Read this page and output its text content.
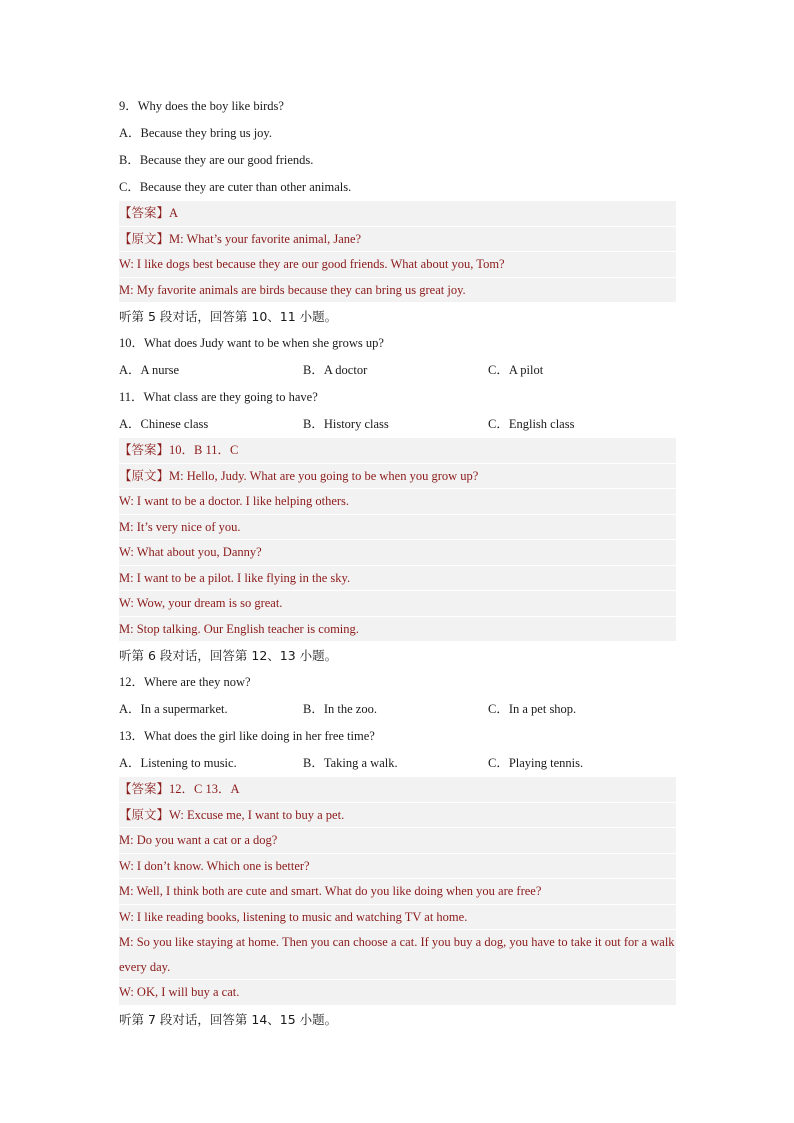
9．Why does the boy like birds?
A．Because they bring us joy.
B．Because they are our good friends.
C．Because they are cuter than other animals.
【答案】A
【原文】M: What’s your favorite animal, Jane?
W: I like dogs best because they are our good friends. What about you, Tom?
M: My favorite animals are birds because they can bring us great joy.
听第 5 段对话，回答第 10、11 小题。
10．What does Judy want to be when she grows up?
A．A nurse	B．A doctor	C．A pilot
11．What class are they going to have?
A．Chinese class	B．History class	C．English class
【答案】10．B 11．C
【原文】M: Hello, Judy. What are you going to be when you grow up?
W: I want to be a doctor. I like helping others.
M: It’s very nice of you.
W: What about you, Danny?
M: I want to be a pilot. I like flying in the sky.
W: Wow, your dream is so great.
M: Stop talking. Our English teacher is coming.
听第 6 段对话，回答第 12、13 小题。
12．Where are they now?
A．In a supermarket.	B．In the zoo.	C．In a pet shop.
13．What does the girl like doing in her free time?
A．Listening to music.	B．Taking a walk.	C．Playing tennis.
【答案】12．C 13．A
【原文】W: Excuse me, I want to buy a pet.
M: Do you want a cat or a dog?
W: I don’t know. Which one is better?
M: Well, I think both are cute and smart. What do you like doing when you are free?
W: I like reading books, listening to music and watching TV at home.
M: So you like staying at home. Then you can choose a cat. If you buy a dog, you have to take it out for a walk every day.
W: OK, I will buy a cat.
听第 7 段对话，回答第 14、15 小题。
